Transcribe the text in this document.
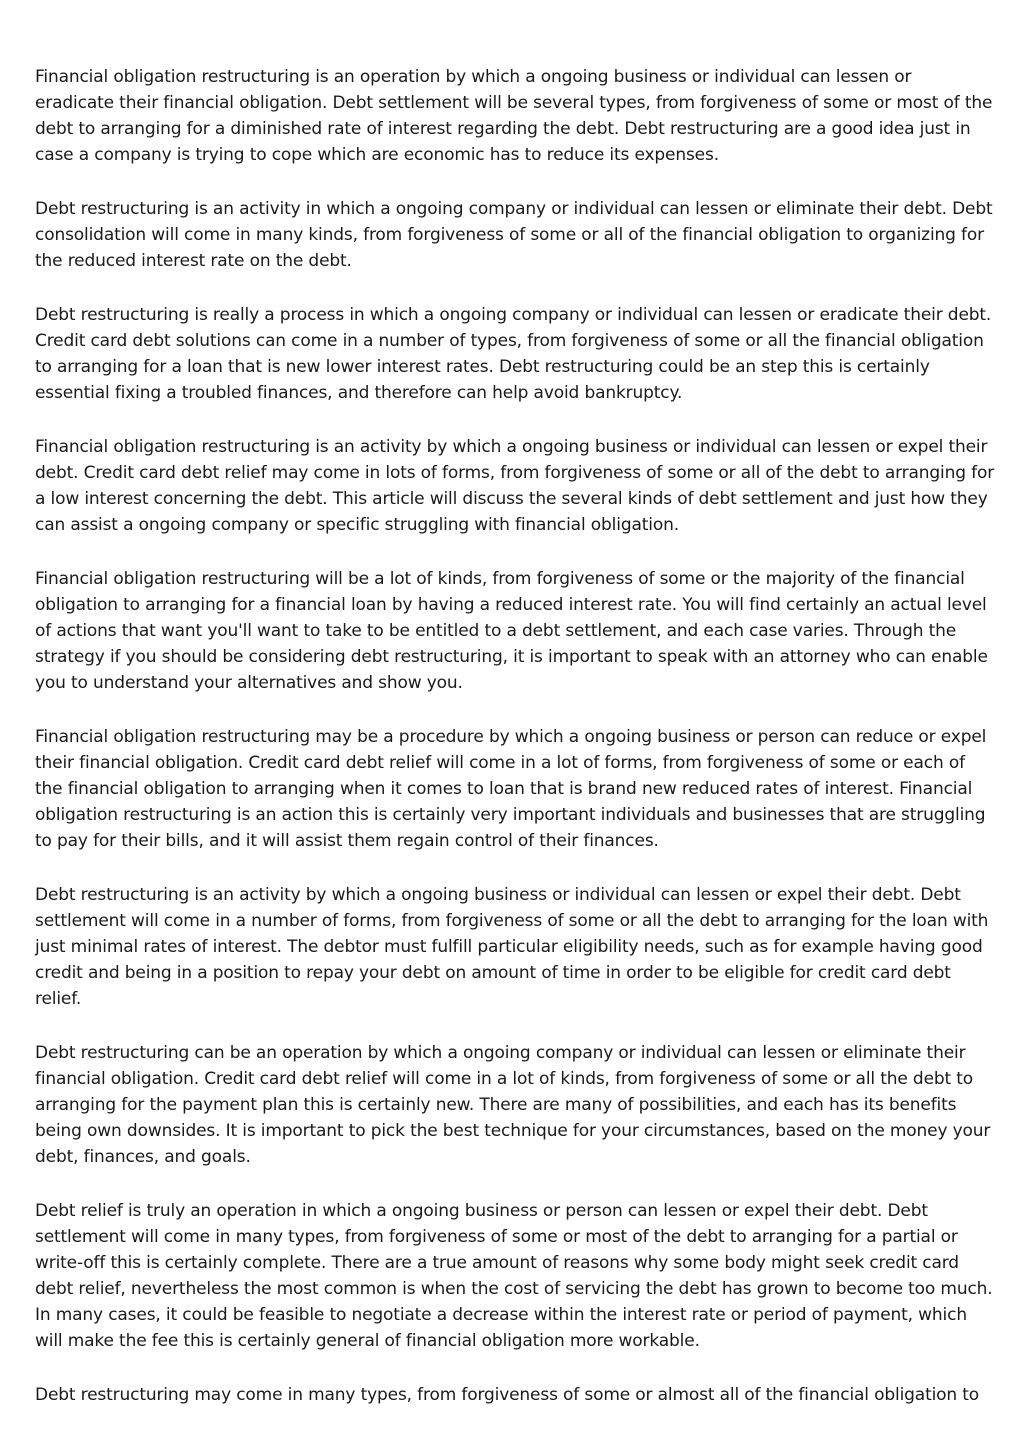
Financial obligation restructuring is an operation by which a ongoing business or individual can lessen or eradicate their financial obligation. Debt settlement will be several types, from forgiveness of some or most of the debt to arranging for a diminished rate of interest regarding the debt. Debt restructuring are a good idea just in case a company is trying to cope which are economic has to reduce its expenses.

Debt restructuring is an activity in which a ongoing company or individual can lessen or eliminate their debt. Debt consolidation will come in many kinds, from forgiveness of some or all of the financial obligation to organizing for the reduced interest rate on the debt.

Debt restructuring is really a process in which a ongoing company or individual can lessen or eradicate their debt. Credit card debt solutions can come in a number of types, from forgiveness of some or all the financial obligation to arranging for a loan that is new lower interest rates. Debt restructuring could be an step this is certainly essential fixing a troubled finances, and therefore can help avoid bankruptcy.

Financial obligation restructuring is an activity by which a ongoing business or individual can lessen or expel their debt. Credit card debt relief may come in lots of forms, from forgiveness of some or all of the debt to arranging for a low interest concerning the debt. This article will discuss the several kinds of debt settlement and just how they can assist a ongoing company or specific struggling with financial obligation.

Financial obligation restructuring will be a lot of kinds, from forgiveness of some or the majority of the financial obligation to arranging for a financial loan by having a reduced interest rate. You will find certainly an actual level of actions that want you'll want to take to be entitled to a debt settlement, and each case varies. Through the strategy if you should be considering debt restructuring, it is important to speak with an attorney who can enable you to understand your alternatives and show you.

Financial obligation restructuring may be a procedure by which a ongoing business or person can reduce or expel their financial obligation. Credit card debt relief will come in a lot of forms, from forgiveness of some or each of the financial obligation to arranging when it comes to loan that is brand new reduced rates of interest. Financial obligation restructuring is an action this is certainly very important individuals and businesses that are struggling to pay for their bills, and it will assist them regain control of their finances.

Debt restructuring is an activity by which a ongoing business or individual can lessen or expel their debt. Debt settlement will come in a number of forms, from forgiveness of some or all the debt to arranging for the loan with just minimal rates of interest. The debtor must fulfill particular eligibility needs, such as for example having good credit and being in a position to repay your debt on amount of time in order to be eligible for credit card debt relief.

Debt restructuring can be an operation by which a ongoing company or individual can lessen or eliminate their financial obligation. Credit card debt relief will come in a lot of kinds, from forgiveness of some or all the debt to arranging for the payment plan this is certainly new. There are many of possibilities, and each has its benefits being own downsides. It is important to pick the best technique for your circumstances, based on the money your debt, finances, and goals.

Debt relief is truly an operation in which a ongoing business or person can lessen or expel their debt. Debt settlement will come in many types, from forgiveness of some or most of the debt to arranging for a partial or write-off this is certainly complete. There are a true amount of reasons why some body might seek credit card debt relief, nevertheless the most common is when the cost of servicing the debt has grown to become too much. In many cases, it could be feasible to negotiate a decrease within the interest rate or period of payment, which will make the fee this is certainly general of financial obligation more workable.

Debt restructuring may come in many types, from forgiveness of some or almost all of the financial obligation to
